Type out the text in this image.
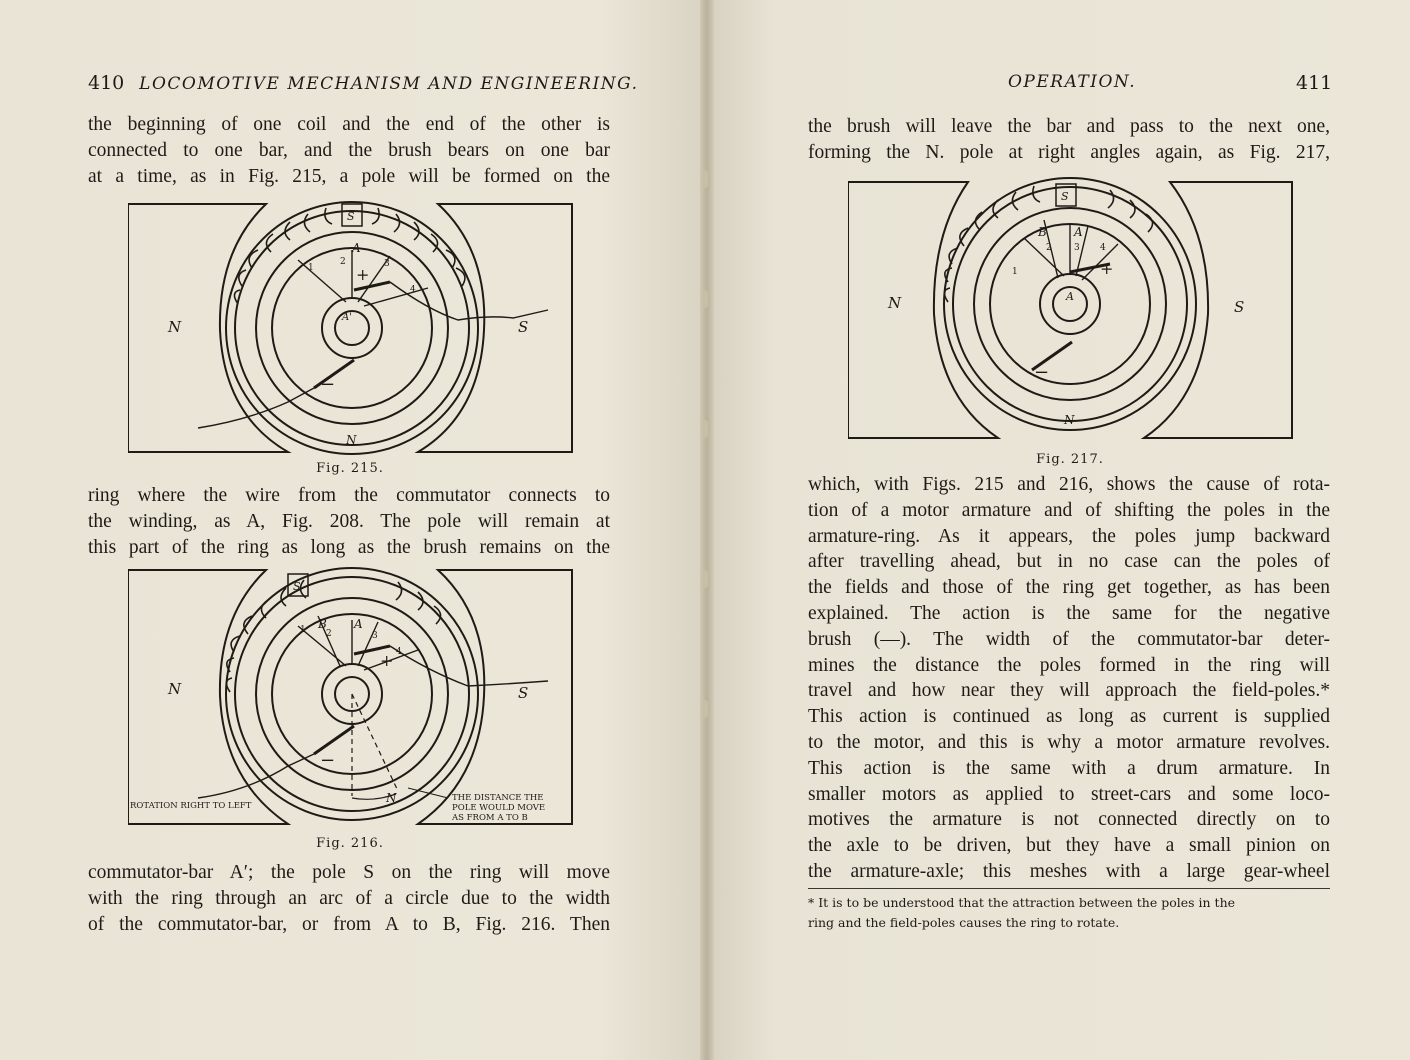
410 LOCOMOTIVE MECHANISM AND ENGINEERING.
the beginning of one coil and the end of the other is
connected to one bar, and the brush bears on one bar
at a time, as in Fig. 215, a pole will be formed on the
N	S
N
S
A
A'
+
−
1
2	3
4
Fig. 215.
ring where the wire from the commutator connects to
the winding, as A, Fig. 208. The pole will remain at
this part of the ring as long as the brush remains on the
N	S
N
S
A
B
+
−
1 2	3
4
ROTATION RIGHT TO LEFT
THE DISTANCE THE
POLE WOULD MOVE
AS FROM A TO B
Fig. 216.
commutator-bar A′; the pole S on the ring will move
with the ring through an arc of a circle due to the width
of the commutator-bar, or from A to B, Fig. 216. Then
OPERATION.	411
the brush will leave the bar and pass to the next one,
forming the N. pole at right angles again, as Fig. 217,
N	S
N
S
A
A
B
+
−
1
2 3 4
Fig. 217.
which, with Figs. 215 and 216, shows the cause of rota-
tion of a motor armature and of shifting the poles in the
armature-ring. As it appears, the poles jump backward
after travelling ahead, but in no case can the poles of
the fields and those of the ring get together, as has been
explained. The action is the same for the negative
brush (—). The width of the commutator-bar deter-
mines the distance the poles formed in the ring will
travel and how near they will approach the field-poles.*
This action is continued as long as current is supplied
to the motor, and this is why a motor armature revolves.
This action is the same with a drum armature. In
smaller motors as applied to street-cars and some loco-
motives the armature is not connected directly on to
the axle to be driven, but they have a small pinion on
the armature-axle; this meshes with a large gear-wheel
* It is to be understood that the attraction between the poles in the
ring and the field-poles causes the ring to rotate.
